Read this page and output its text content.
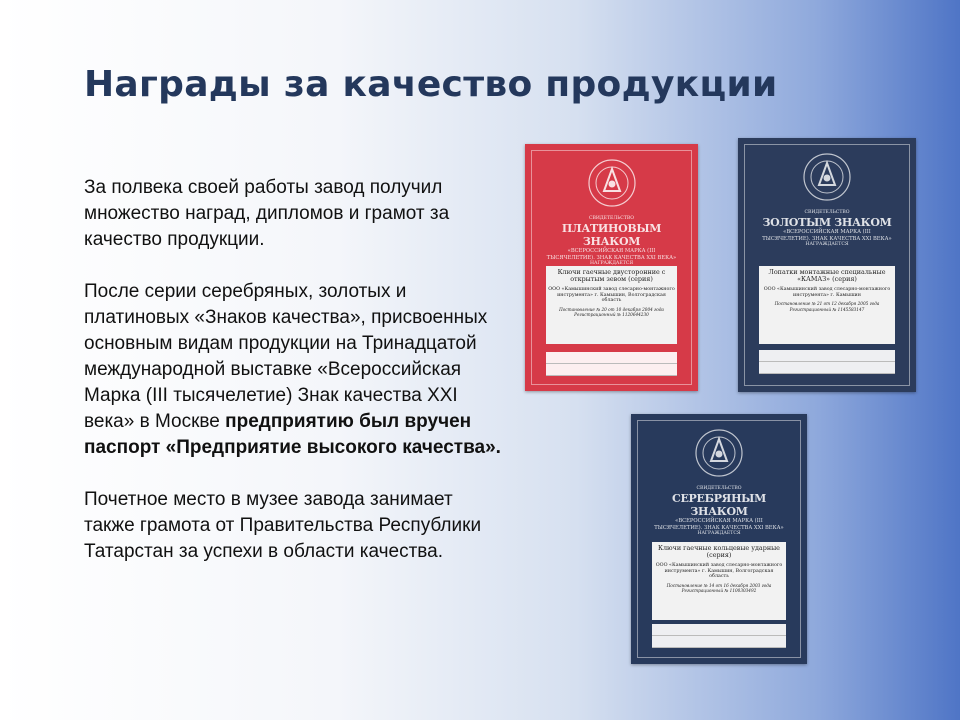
Награды за качество продукции

За полвека своей работы завод получил множество наград, дипломов и грамот за качество продукции.

После серии серебряных, золотых и платиновых «Знаков качества», присвоенных основным видам продукции на Тринадцатой международной выставке «Всероссийская Марка (III тысячелетие) Знак качества XXI века» в Москве предприятию был вручен паспорт «Предприятие высокого качества».

Почетное место в музее завода занимает также грамота от Правительства Республики Татарстан за успехи в области качества.

СВИДЕТЕЛЬСТВО
ПЛАТИНОВЫМ ЗНАКОМ
«ВСЕРОССИЙСКАЯ МАРКА (III ТЫСЯЧЕЛЕТИЕ). ЗНАК КАЧЕСТВА XXI ВЕКА»
НАГРАЖДАЕТСЯ
Ключи гаечные двусторонние с открытым зевом (серия)
ООО «Камышинский завод слесарно-монтажного инструмента» г. Камышин, Волгоградская область
Постановление № 20 от 10 декабря 2004 года Регистрационный № 1120644230
СВИДЕТЕЛЬСТВО
ЗОЛОТЫМ ЗНАКОМ
«ВСЕРОССИЙСКАЯ МАРКА (III ТЫСЯЧЕЛЕТИЕ). ЗНАК КАЧЕСТВА XXI ВЕКА»
НАГРАЖДАЕТСЯ
Лопатки монтажные специальные «КАМАЗ» (серия)
ООО «Камышинский завод слесарно-монтажного инструмента» г. Камышин
Постановление № 21 от 12 декабря 2005 года Регистрационный № 1145583147
СВИДЕТЕЛЬСТВО
СЕРЕБРЯНЫМ ЗНАКОМ
«ВСЕРОССИЙСКАЯ МАРКА (III ТЫСЯЧЕЛЕТИЕ). ЗНАК КАЧЕСТВА XXI ВЕКА»
НАГРАЖДАЕТСЯ
Ключи гаечные кольцевые ударные (серия)
ООО «Камышинский завод слесарно-монтажного инструмента» г. Камышин, Волгоградская область
Постановление № 14 от 16 декабря 2003 года Регистрационный № 1100303492
